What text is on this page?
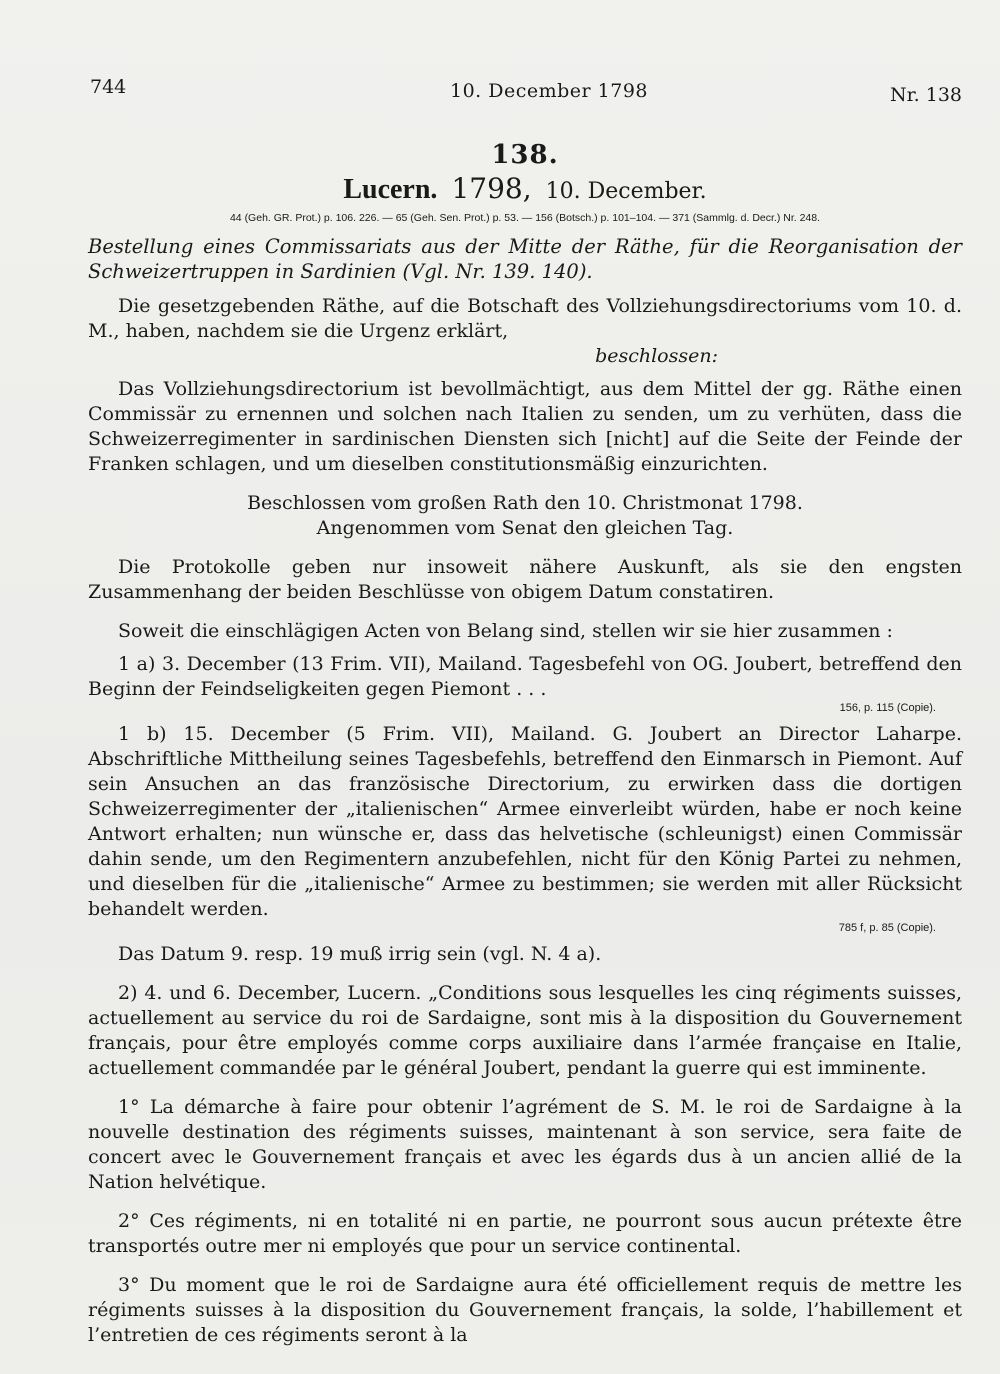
744	10. December 1798	Nr. 138
138.
Lucern. 1798, 10. December.
44 (Geh. GR. Prot.) p. 106. 226. — 65 (Geh. Sen. Prot.) p. 53. — 156 (Botsch.) p. 101–104. — 371 (Sammlg. d. Decr.) Nr. 248.

Bestellung eines Commissariats aus der Mitte der Räthe, für die Reorganisation der Schweizertruppen in Sardinien (Vgl. Nr. 139. 140).

Die gesetzgebenden Räthe, auf die Botschaft des Vollziehungsdirectoriums vom 10. d. M., haben, nachdem sie die Urgenz erklärt,

beschlossen:

Das Vollziehungsdirectorium ist bevollmächtigt, aus dem Mittel der gg. Räthe einen Commissär zu ernennen und solchen nach Italien zu senden, um zu verhüten, dass die Schweizerregimenter in sardinischen Diensten sich [nicht] auf die Seite der Feinde der Franken schlagen, und um dieselben constitutionsmäßig einzurichten.

Beschlossen vom großen Rath den 10. Christmonat 1798.

Angenommen vom Senat den gleichen Tag.

Die Protokolle geben nur insoweit nähere Auskunft, als sie den engsten Zusammenhang der beiden Beschlüsse von obigem Datum constatiren.

Soweit die einschlägigen Acten von Belang sind, stellen wir sie hier zusammen :

1 a) 3. December (13 Frim. VII), Mailand. Tagesbefehl von OG. Joubert, betreffend den Beginn der Feindseligkeiten gegen Piemont . . .

156, p. 115 (Copie).

1 b) 15. December (5 Frim. VII), Mailand. G. Joubert an Director Laharpe. Abschriftliche Mittheilung seines Tagesbefehls, betreffend den Einmarsch in Piemont. Auf sein Ansuchen an das französische Directorium, zu erwirken dass die dortigen Schweizerregimenter der „italienischen“ Armee einverleibt würden, habe er noch keine Antwort erhalten; nun wünsche er, dass das helvetische (schleunigst) einen Commissär dahin sende, um den Regimentern anzubefehlen, nicht für den König Partei zu nehmen, und dieselben für die „italienische“ Armee zu bestimmen; sie werden mit aller Rücksicht behandelt werden.

785 f, p. 85 (Copie).

Das Datum 9. resp. 19 muß irrig sein (vgl. N. 4 a).

2) 4. und 6. December, Lucern. „Conditions sous lesquelles les cinq régiments suisses, actuellement au service du roi de Sardaigne, sont mis à la disposition du Gouvernement français, pour être employés comme corps auxiliaire dans l’armée française en Italie, actuellement commandée par le général Joubert, pendant la guerre qui est imminente.

1° La démarche à faire pour obtenir l’agrément de S. M. le roi de Sardaigne à la nouvelle destination des régiments suisses, maintenant à son service, sera faite de concert avec le Gouvernement français et avec les égards dus à un ancien allié de la Nation helvétique.

2° Ces régiments, ni en totalité ni en partie, ne pourront sous aucun prétexte être transportés outre mer ni employés que pour un service continental.

3° Du moment que le roi de Sardaigne aura été officiellement requis de mettre les régiments suisses à la disposition du Gouvernement français, la solde, l’habillement et l’entretien de ces régiments seront à la
